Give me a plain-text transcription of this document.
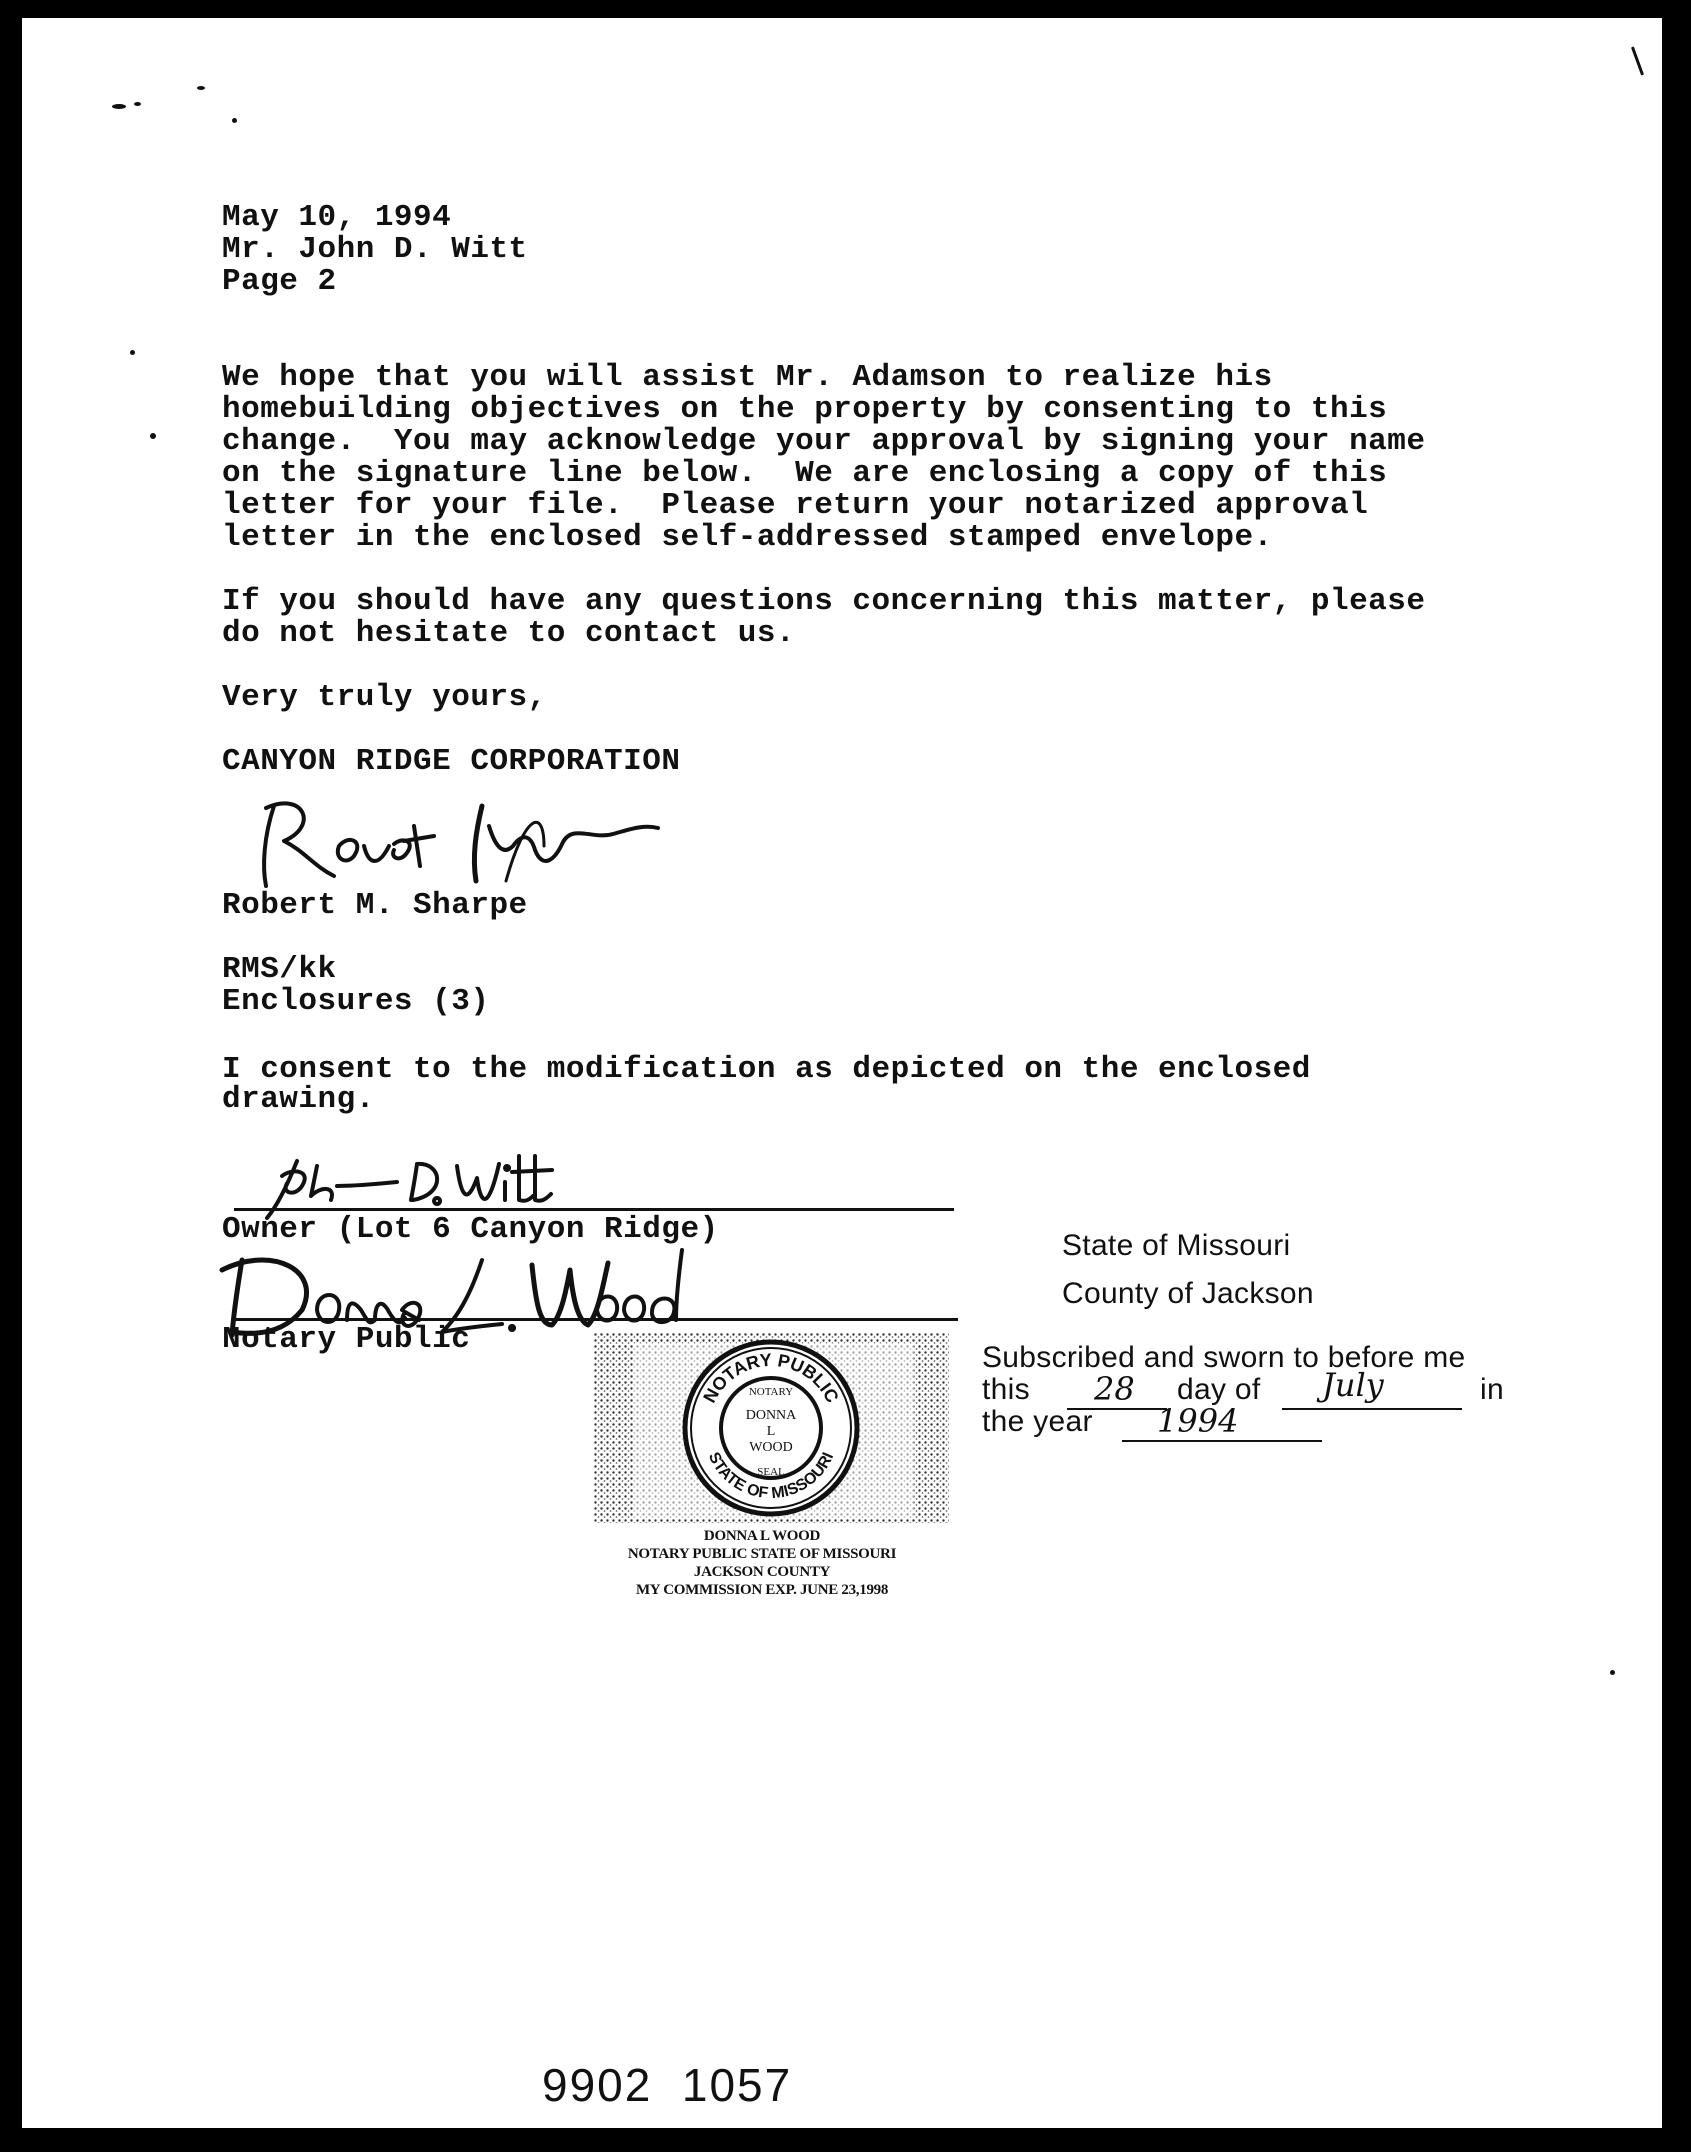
May 10, 1994
Mr. John D. Witt
Page 2
We hope that you will assist Mr. Adamson to realize his
homebuilding objectives on the property by consenting to this
change.  You may acknowledge your approval by signing your name
on the signature line below.  We are enclosing a copy of this
letter for your file.  Please return your notarized approval
letter in the enclosed self-addressed stamped envelope.
If you should have any questions concerning this matter, please
do not hesitate to contact us.
Very truly yours,
CANYON RIDGE CORPORATION
Robert M. Sharpe
RMS/kk
Enclosures (3)
I consent to the modification as depicted on the enclosed
drawing.
Owner (Lot 6 Canyon Ridge)
Notary Public
State of Missouri
County of Jackson
Subscribed and sworn to before me
this 28 day of July	in
the year 1994
NOTARY PUBLIC
STATE OF MISSOURI
NOTARY
DONNA
L
WOOD
SEAL
DONNA L WOOD
NOTARY PUBLIC STATE OF MISSOURI
JACKSON COUNTY
MY COMMISSION EXP. JUNE 23,1998
9902  1057
